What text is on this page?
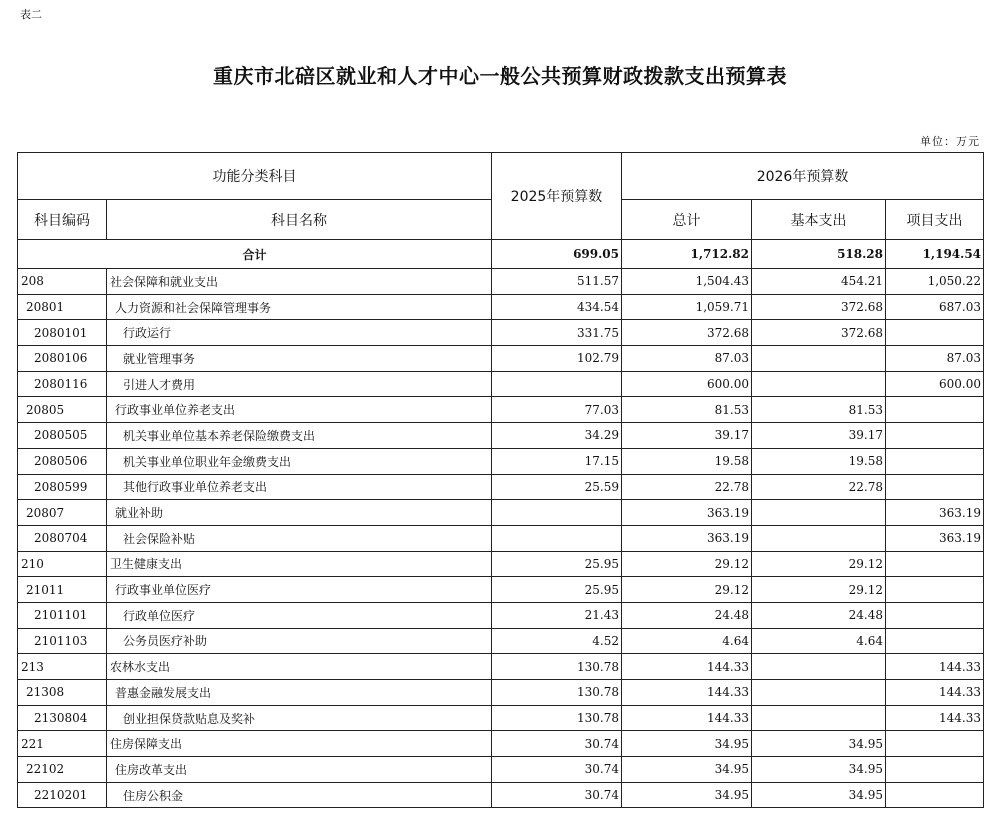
表二
重庆市北碚区就业和人才中心一般公共预算财政拨款支出预算表
单位：万元
功能分类科目		2025年预算数	2026年预算数		
科目编码	科目名称		总计	基本支出	项目支出
合计		699.05	1,712.82	518.28	1,194.54
208	社会保障和就业支出	511.57	1,504.43	454.21	1,050.22
20801	人力资源和社会保障管理事务	434.54	1,059.71	372.68	687.03
2080101	行政运行	331.75	372.68	372.68	
2080106	就业管理事务	102.79	87.03		87.03
2080116	引进人才费用		600.00		600.00
20805	行政事业单位养老支出	77.03	81.53	81.53	
2080505	机关事业单位基本养老保险缴费支出	34.29	39.17	39.17	
2080506	机关事业单位职业年金缴费支出	17.15	19.58	19.58	
2080599	其他行政事业单位养老支出	25.59	22.78	22.78	
20807	就业补助		363.19		363.19
2080704	社会保险补贴		363.19		363.19
210	卫生健康支出	25.95	29.12	29.12	
21011	行政事业单位医疗	25.95	29.12	29.12	
2101101	行政单位医疗	21.43	24.48	24.48	
2101103	公务员医疗补助	4.52	4.64	4.64	
213	农林水支出	130.78	144.33		144.33
21308	普惠金融发展支出	130.78	144.33		144.33
2130804	创业担保贷款贴息及奖补	130.78	144.33		144.33
221	住房保障支出	30.74	34.95	34.95	
22102	住房改革支出	30.74	34.95	34.95	
2210201	住房公积金	30.74	34.95	34.95	
